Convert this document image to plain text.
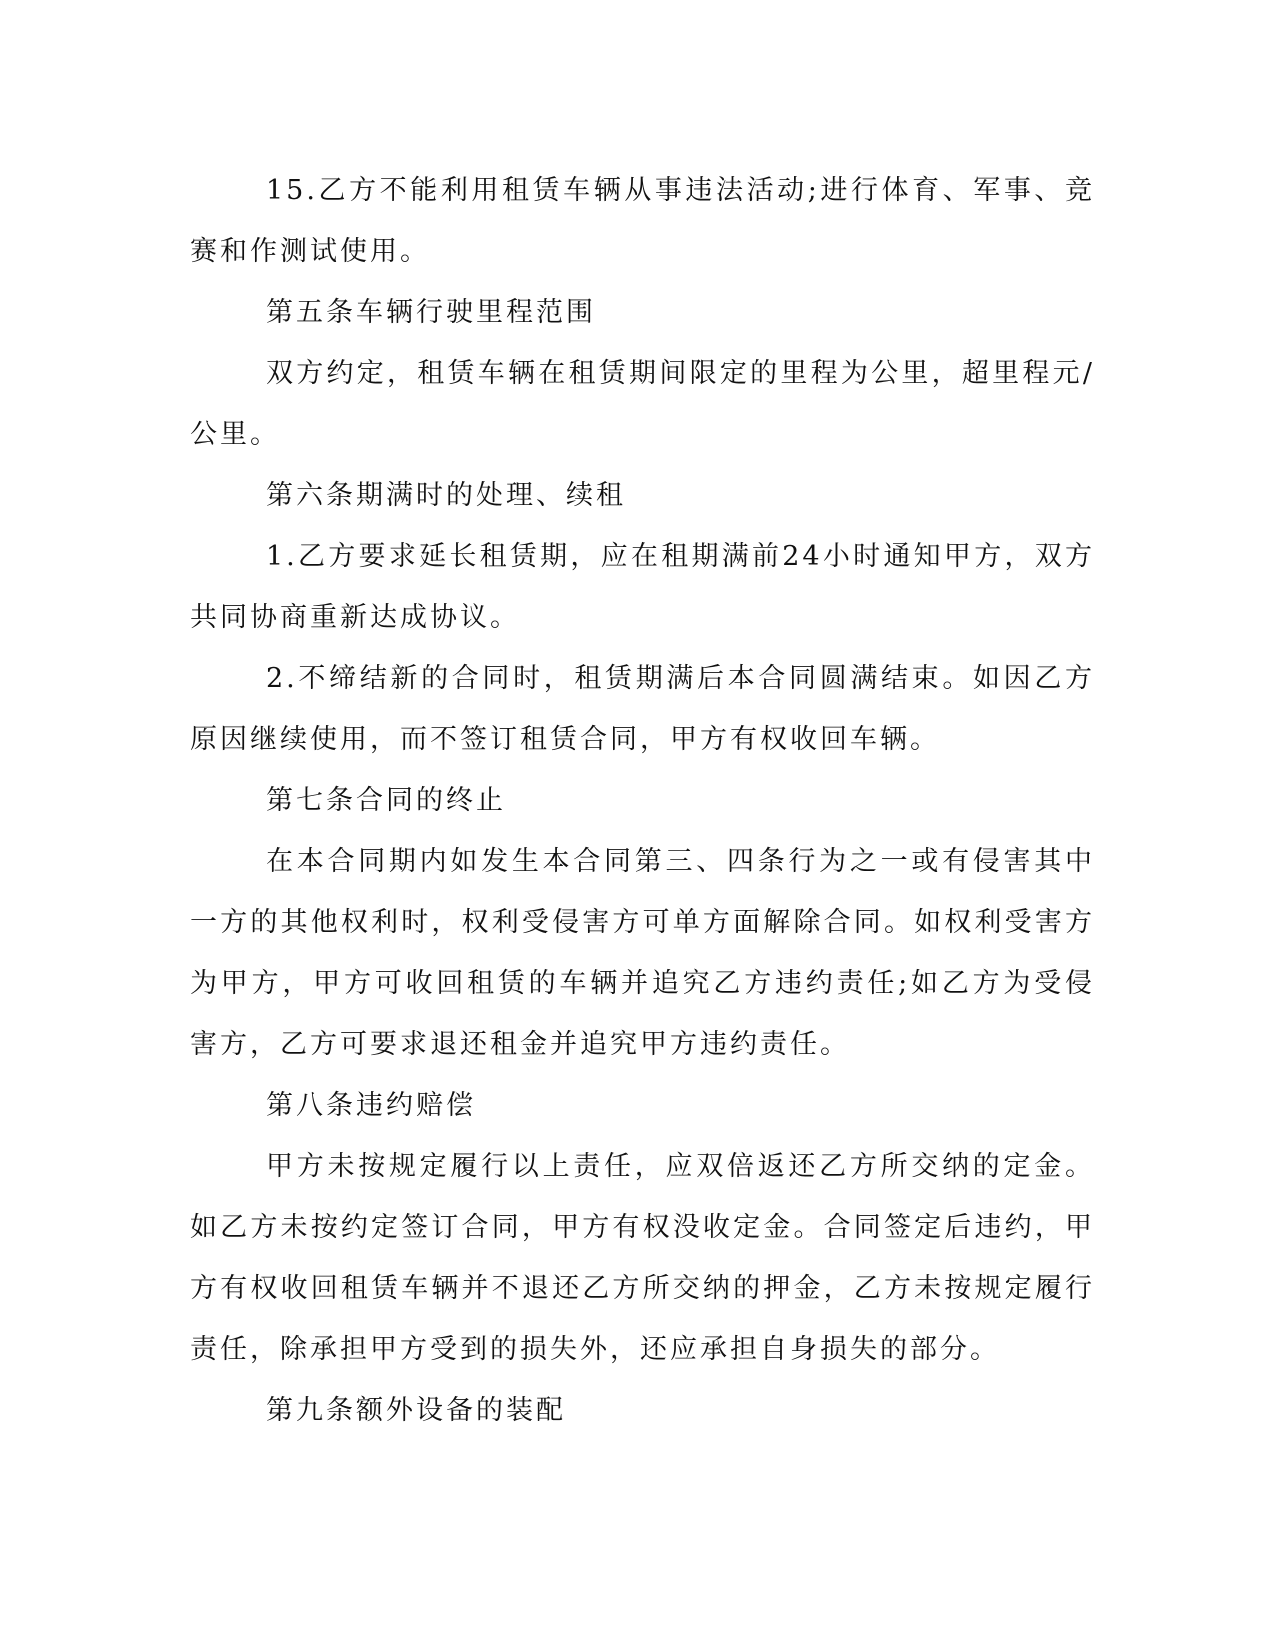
15.乙方不能利用租赁车辆从事违法活动;进行体育、军事、竞赛和作测试使用。

第五条车辆行驶里程范围

双方约定，租赁车辆在租赁期间限定的里程为公里，超里程元/公里。

第六条期满时的处理、续租

1.乙方要求延长租赁期，应在租期满前24小时通知甲方，双方共同协商重新达成协议。

2.不缔结新的合同时，租赁期满后本合同圆满结束。如因乙方原因继续使用，而不签订租赁合同，甲方有权收回车辆。

第七条合同的终止

在本合同期内如发生本合同第三、四条行为之一或有侵害其中一方的其他权利时，权利受侵害方可单方面解除合同。如权利受害方为甲方，甲方可收回租赁的车辆并追究乙方违约责任;如乙方为受侵害方，乙方可要求退还租金并追究甲方违约责任。

第八条违约赔偿

甲方未按规定履行以上责任，应双倍返还乙方所交纳的定金。如乙方未按约定签订合同，甲方有权没收定金。合同签定后违约，甲方有权收回租赁车辆并不退还乙方所交纳的押金，乙方未按规定履行责任，除承担甲方受到的损失外，还应承担自身损失的部分。

第九条额外设备的装配
